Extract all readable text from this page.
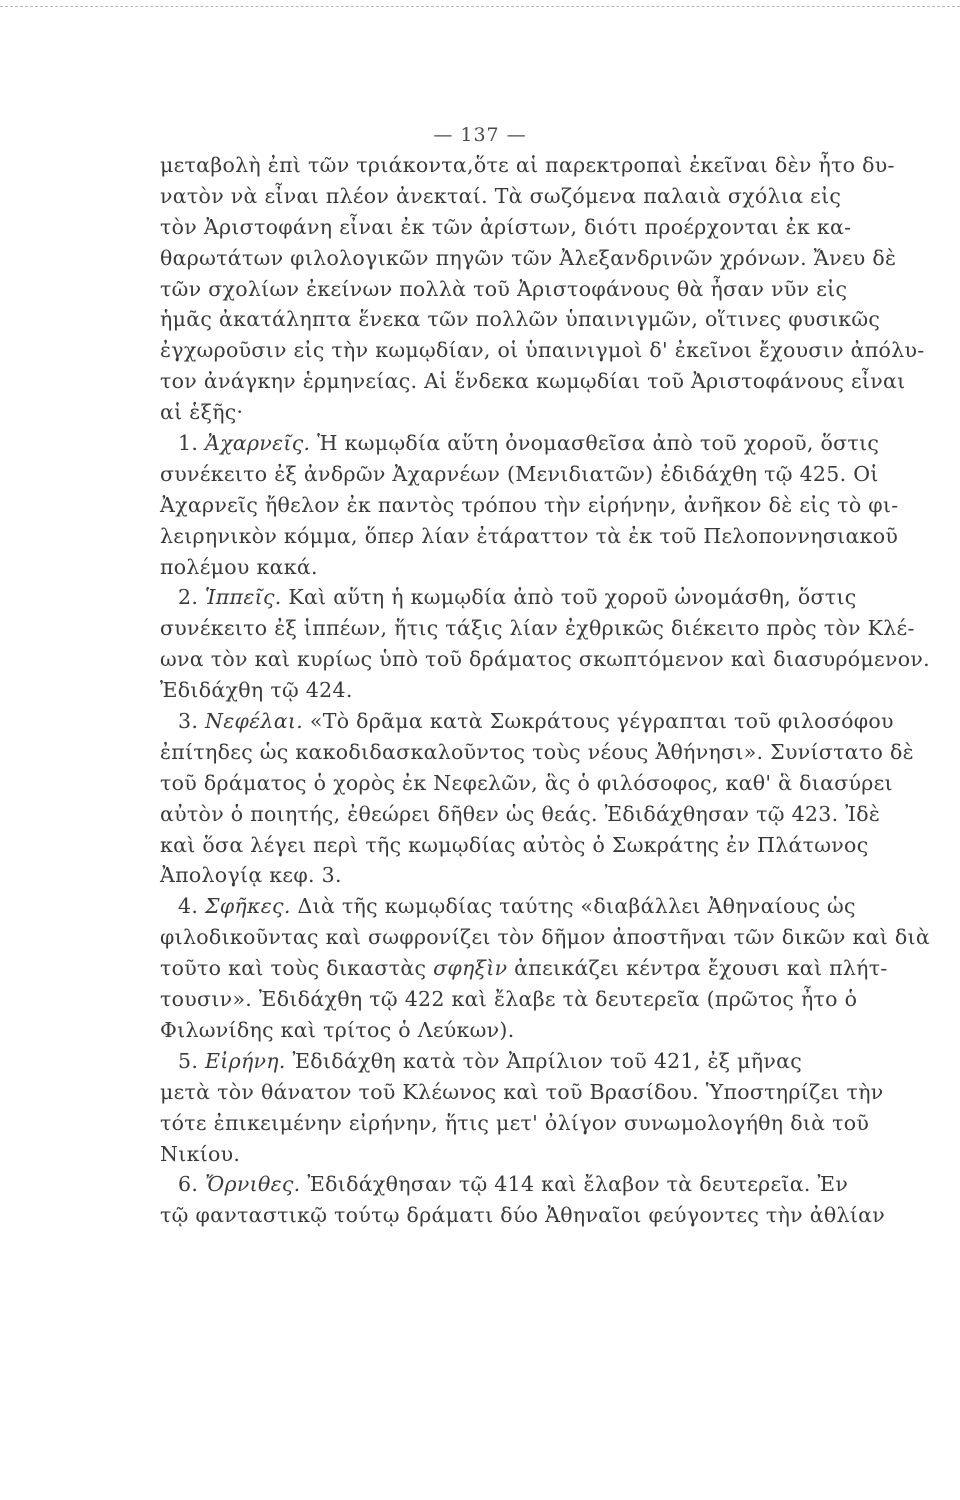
— 137 —
μεταβολὴ ἐπὶ τῶν τριάκοντα,ὅτε αἱ παρεκτροπαὶ ἐκεῖναι δὲν ἦτο δυ-
νατὸν νὰ εἶναι πλέον ἀνεκταί. Τὰ σωζόμενα παλαιὰ σχόλια εἰς
τὸν Ἀριστοφάνη εἶναι ἐκ τῶν ἀρίστων, διότι προέρχονται ἐκ κα-
θαρωτάτων φιλολογικῶν πηγῶν τῶν Ἀλεξανδρινῶν χρόνων. Ἄνευ δὲ
τῶν σχολίων ἐκείνων πολλὰ τοῦ Ἀριστοφάνους θὰ ἦσαν νῦν εἰς
ἡμᾶς ἀκατάληπτα ἕνεκα τῶν πολλῶν ὑπαινιγμῶν, οἵτινες φυσικῶς
ἐγχωροῦσιν εἰς τὴν κωμῳδίαν, οἱ ὑπαινιγμοὶ δ' ἐκεῖνοι ἔχουσιν ἀπόλυ-
τον ἀνάγκην ἑρμηνείας. Αἱ ἕνδεκα κωμῳδίαι τοῦ Ἀριστοφάνους εἶναι
αἱ ἑξῆς·
1. Ἀχαρνεῖς. Ἡ κωμῳδία αὕτη ὀνομασθεῖσα ἀπὸ τοῦ χοροῦ, ὅστις
συνέκειτο ἐξ ἀνδρῶν Ἀχαρνέων (Μενιδιατῶν) ἐδιδάχθη τῷ 425. Οἱ
Ἀχαρνεῖς ἤθελον ἐκ παντὸς τρόπου τὴν εἰρήνην, ἀνῆκον δὲ εἰς τὸ φι-
λειρηνικὸν κόμμα, ὅπερ λίαν ἐτάραττον τὰ ἐκ τοῦ Πελοποννησιακοῦ
πολέμου κακά.
2. Ἱππεῖς. Καὶ αὕτη ἡ κωμῳδία ἀπὸ τοῦ χοροῦ ὠνομάσθη, ὅστις
συνέκειτο ἐξ ἱππέων, ἥτις τάξις λίαν ἐχθρικῶς διέκειτο πρὸς τὸν Κλέ-
ωνα τὸν καὶ κυρίως ὑπὸ τοῦ δράματος σκωπτόμενον καὶ διασυρόμενον.
Ἐδιδάχθη τῷ 424.
3. Νεφέλαι. «Τὸ δρᾶμα κατὰ Σωκράτους γέγραπται τοῦ φιλοσόφου
ἐπίτηδες ὡς κακοδιδασκαλοῦντος τοὺς νέους Ἀθήνησι». Συνίστατο δὲ
τοῦ δράματος ὁ χορὸς ἐκ Νεφελῶν, ἃς ὁ φιλόσοφος, καθ' ἃ διασύρει
αὐτὸν ὁ ποιητής, ἐθεώρει δῆθεν ὡς θεάς. Ἐδιδάχθησαν τῷ 423. Ἰδὲ
καὶ ὅσα λέγει περὶ τῆς κωμῳδίας αὐτὸς ὁ Σωκράτης ἐν Πλάτωνος
Ἀπολογίᾳ κεφ. 3.
4. Σφῆκες. Διὰ τῆς κωμῳδίας ταύτης «διαβάλλει Ἀθηναίους ὡς
φιλοδικοῦντας καὶ σωφρονίζει τὸν δῆμον ἀποστῆναι τῶν δικῶν καὶ διὰ
τοῦτο καὶ τοὺς δικαστὰς σφηξὶν ἀπεικάζει κέντρα ἔχουσι καὶ πλήτ-
τουσιν». Ἐδιδάχθη τῷ 422 καὶ ἔλαβε τὰ δευτερεῖα (πρῶτος ἦτο ὁ
Φιλωνίδης καὶ τρίτος ὁ Λεύκων).
5. Εἰρήνη. Ἐδιδάχθη κατὰ τὸν Ἀπρίλιον τοῦ 421, ἐξ μῆνας
μετὰ τὸν θάνατον τοῦ Κλέωνος καὶ τοῦ Βρασίδου. Ὑποστηρίζει τὴν
τότε ἐπικειμένην εἰρήνην, ἥτις μετ' ὀλίγον συνωμολογήθη διὰ τοῦ
Νικίου.
6. Ὄρνιθες. Ἐδιδάχθησαν τῷ 414 καὶ ἔλαβον τὰ δευτερεῖα. Ἐν
τῷ φανταστικῷ τούτῳ δράματι δύο Ἀθηναῖοι φεύγοντες τὴν ἀθλίαν
